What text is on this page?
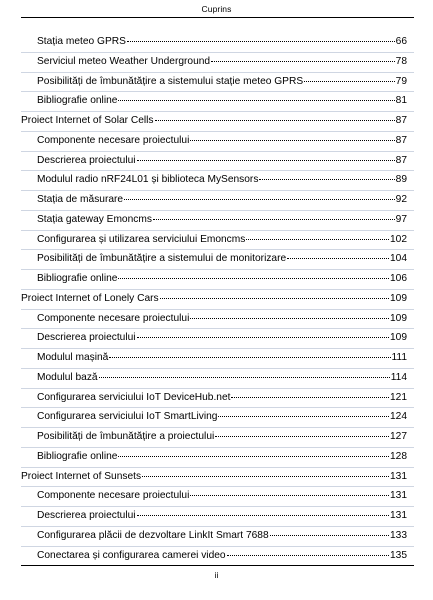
Cuprins
Stația meteo GPRS	66
Serviciul meteo Weather Underground	78
Posibilități de îmbunătățire a sistemului stație meteo GPRS	79
Bibliografie online	81
Proiect Internet of Solar Cells	87
Componente necesare proiectului	87
Descrierea proiectului	87
Modulul radio nRF24L01 și biblioteca MySensors	89
Stația de măsurare	92
Stația gateway Emoncms	97
Configurarea și utilizarea serviciului Emoncms	102
Posibilități de îmbunătățire a sistemului de monitorizare	104
Bibliografie online	106
Proiect Internet of Lonely Cars	109
Componente necesare proiectului	109
Descrierea proiectului	109
Modulul mașină	111
Modulul bază	114
Configurarea serviciului IoT DeviceHub.net	121
Configurarea serviciului IoT SmartLiving	124
Posibilități de îmbunătățire a proiectului	127
Bibliografie online	128
Proiect Internet of Sunsets	131
Componente necesare proiectului	131
Descrierea proiectului	131
Configurarea plăcii de dezvoltare LinkIt Smart 7688	133
Conectarea și configurarea camerei video	135
ii
